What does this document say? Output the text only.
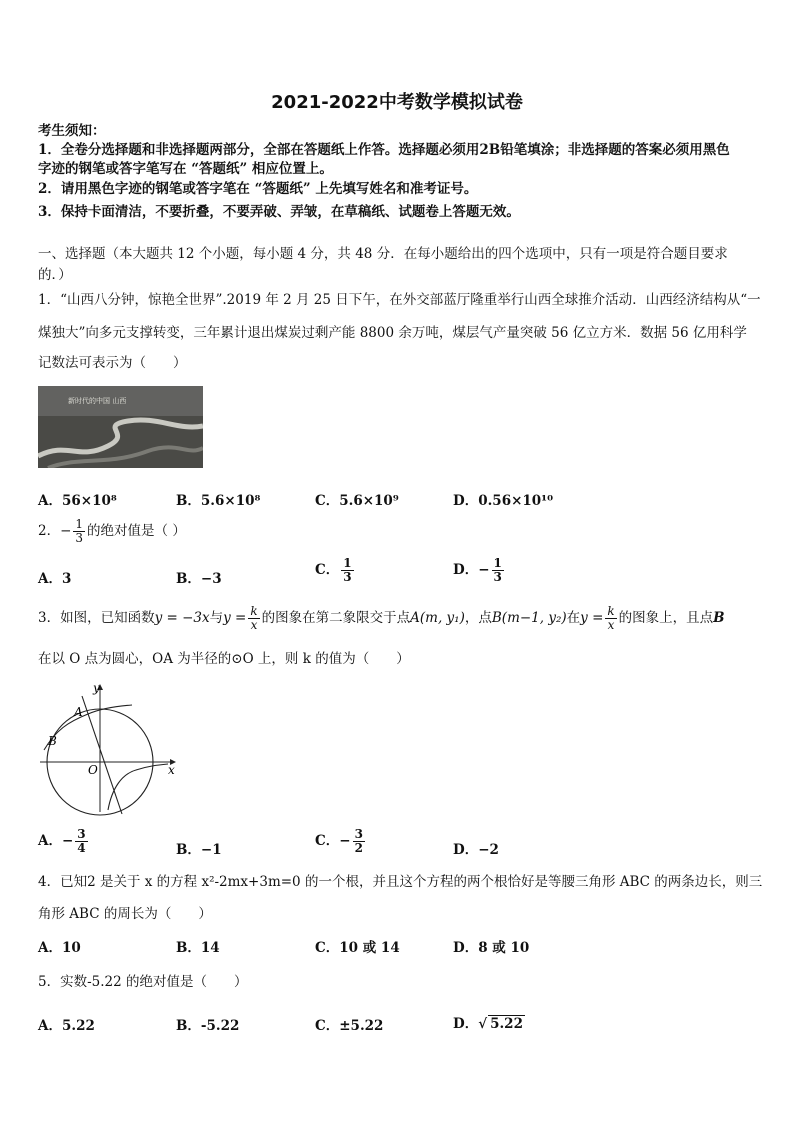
2021-2022中考数学模拟试卷
考生须知：
1．全卷分选择题和非选择题两部分，全部在答题纸上作答。选择题必须用2B铅笔填涂；非选择题的答案必须用黑色
字迹的钢笔或答字笔写在 “答题纸” 相应位置上。
2．请用黑色字迹的钢笔或答字笔在 “答题纸” 上先填写姓名和准考证号。
3．保持卡面清洁，不要折叠，不要弄破、弄皱，在草稿纸、试题卷上答题无效。
一、选择题（本大题共 12 个小题，每小题 4 分，共 48 分．在每小题给出的四个选项中，只有一项是符合题目要求
的．）
1．“山西八分钟，惊艳全世界”.2019 年 2 月 25 日下午，在外交部蓝厅隆重举行山西全球推介活动．山西经济结构从“一
煤独大”向多元支撑转变，三年累计退出煤炭过剩产能 8800 余万吨，煤层气产量突破 56 亿立方米．数据 56 亿用科学
记数法可表示为（　　）
新时代的中国 山西
A．56×10⁸	B．5.6×10⁸	C．5.6×10⁹	D．0.56×10¹⁰
2．− $\frac{1}{3}$ 的绝对值是（ ）
A．3	B．−3
C． $\frac{1}{3}$	D．− $\frac{1}{3}$
3．如图，已知函数y = −3x与$y = \frac{k}{x}$ 的图象在第二象限交于点A(m, y₁)，点B(m−1, y₂)在$y = \frac{k}{x}$ 的图象上，且点B
在以 O 点为圆心，OA 为半径的⊙O 上，则 k 的值为（　　）
A
B
O	x
y
A．− $\frac{3}{4}$	B．−1
C．− $\frac{3}{2}$	D．−2
4．已知2 是关于 x 的方程 x²-2mx+3m=0 的一个根，并且这个方程的两个根恰好是等腰三角形 ABC 的两条边长，则三
角形 ABC 的周长为（　　）
A．10	B．14	C．10 或 14	D．8 或 10
5．实数-5.22 的绝对值是（　　）
A．5.22	B．-5.22	C．±5.22	D．√ 5.22
